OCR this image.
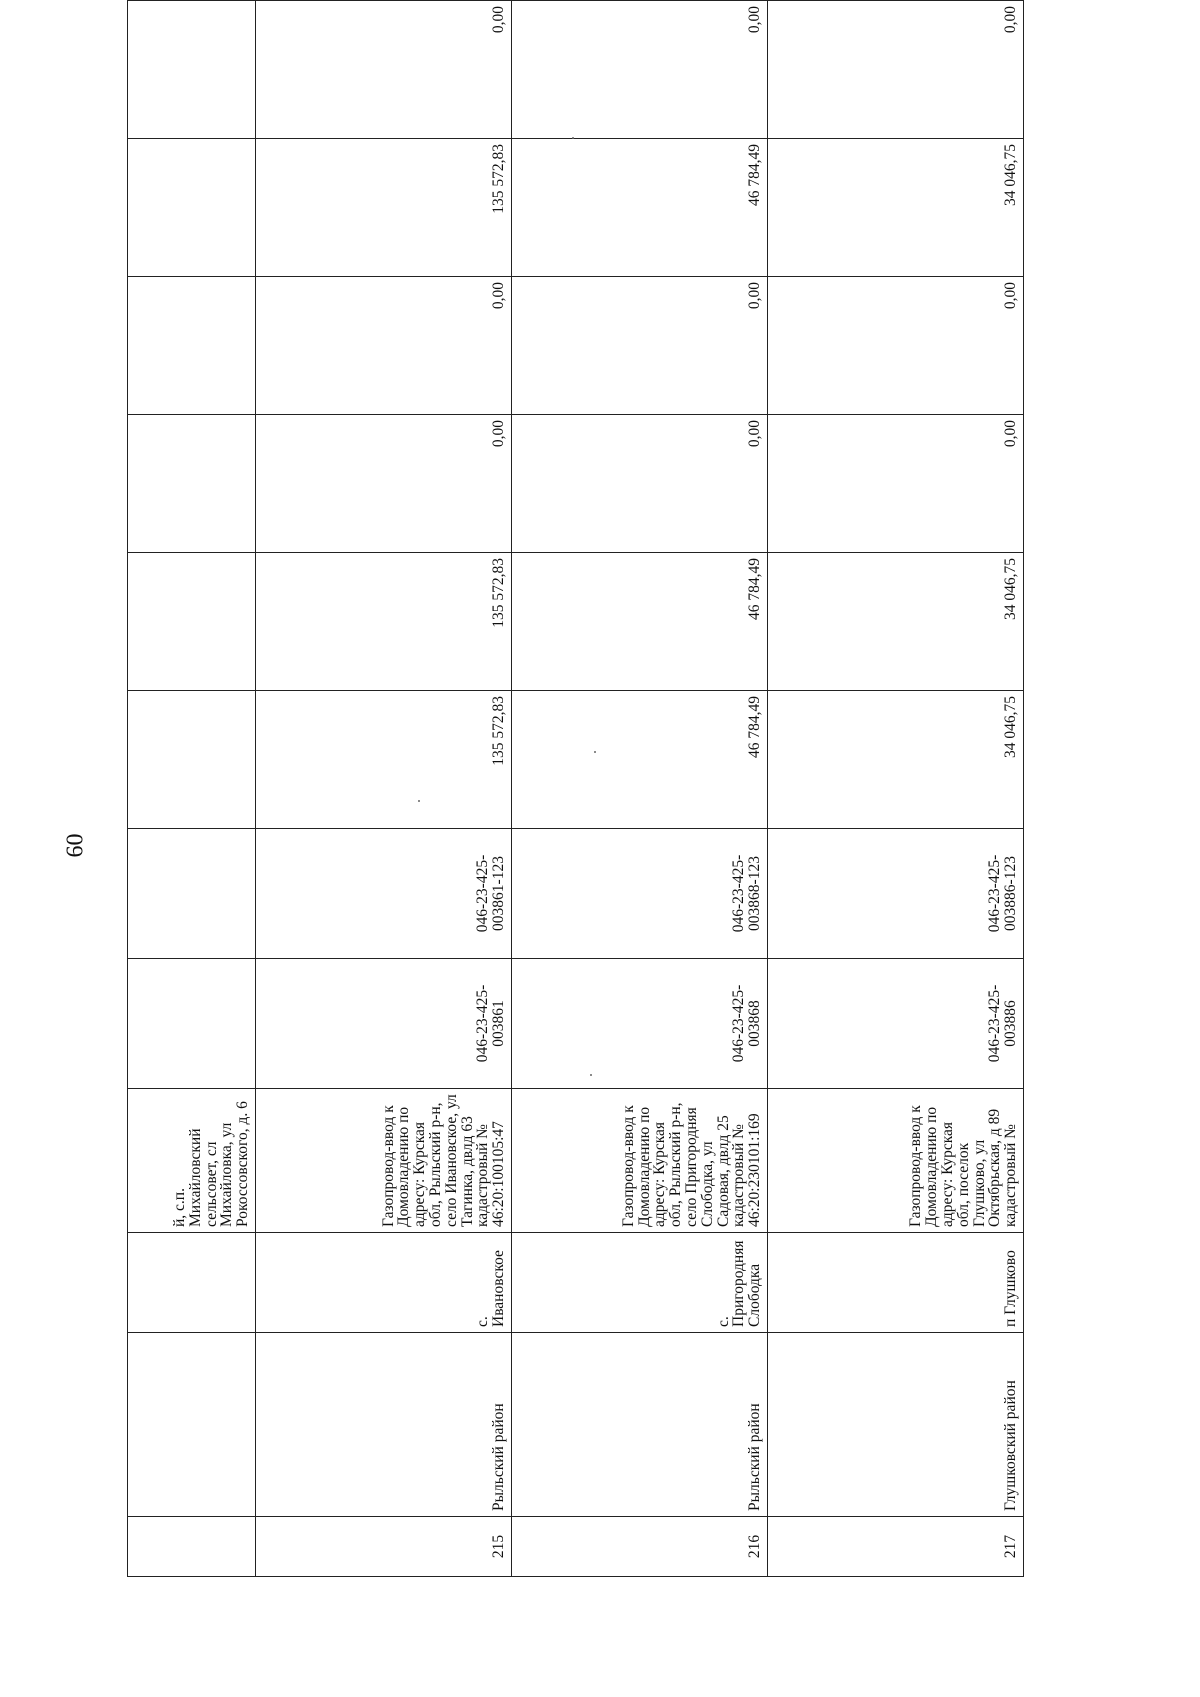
60
			й, с.п. Михайловский сельсовет, сл Михайловка, ул Рокоссовского, д. 6								
215	Рыльский район	с. Ивановское	Газопровод-ввод к Домовладению по адресу: Курская обл, Рыльский р-н, село Ивановское, ул Тагинка, двлд 63 кадастровый № 46:20:100105:47	046-23-425-003861	046-23-425-003861-123	135 572,83	135 572,83	0,00	0,00	135 572,83	0,00
216	Рыльский район	с. Пригородняя Слободка	Газопровод-ввод к Домовладению по адресу: Курская обл, Рыльский р-н, село Пригородняя Слободка, ул Садовая, двлд 25 кадастровый № 46:20:230101:169	046-23-425-003868	046-23-425-003868-123	46 784,49	46 784,49	0,00	0,00	46 784,49	0,00
217	Глушковский район	п Глушково	Газопровод-ввод к Домовладению по адресу: Курская обл, поселок Глушково, ул Октябрьская, д 89 кадастровый №	046-23-425-003886	046-23-425-003886-123	34 046,75	34 046,75	0,00	0,00	34 046,75	0,00
